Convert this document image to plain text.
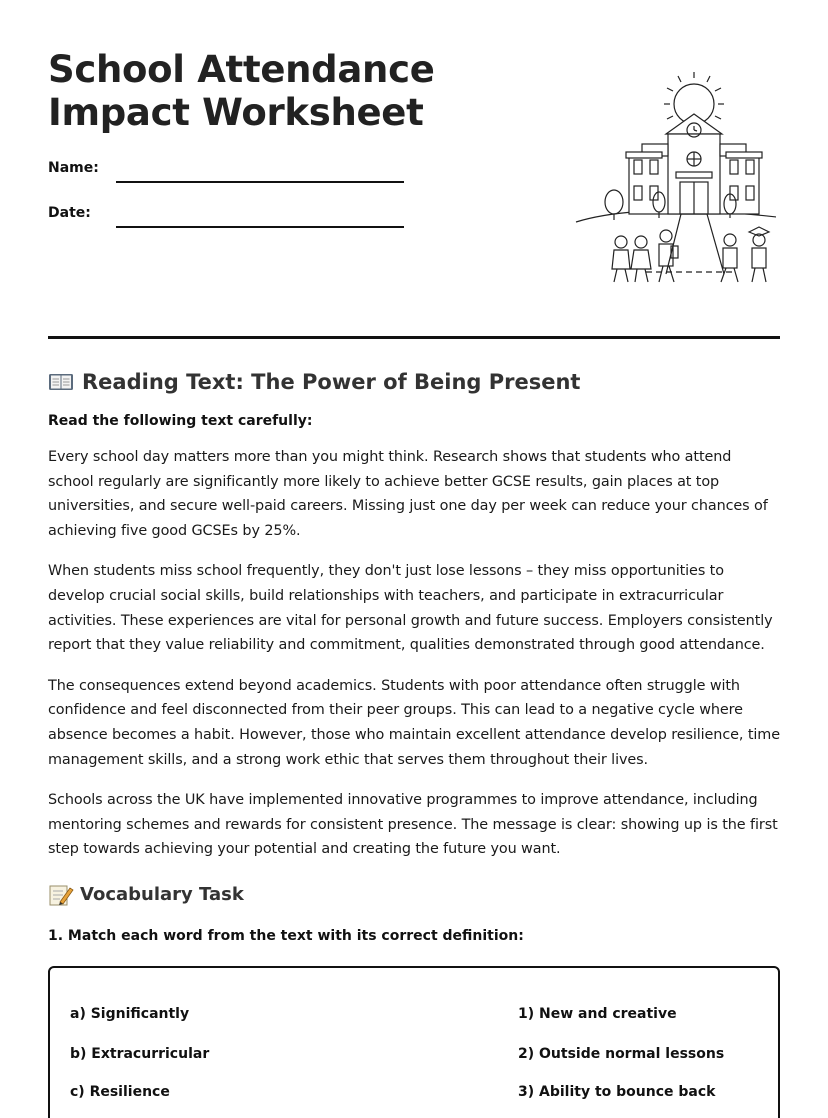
School Attendance
Impact Worksheet
Name:
Date:
Reading Text: The Power of Being Present
Read the following text carefully:

Every school day matters more than you might think. Research shows that students who attend school regularly are significantly more likely to achieve better GCSE results, gain places at top universities, and secure well-paid careers. Missing just one day per week can reduce your chances of achieving five good GCSEs by 25%.

When students miss school frequently, they don't just lose lessons – they miss opportunities to develop crucial social skills, build relationships with teachers, and participate in extracurricular activities. These experiences are vital for personal growth and future success. Employers consistently report that they value reliability and commitment, qualities demonstrated through good attendance.

The consequences extend beyond academics. Students with poor attendance often struggle with confidence and feel disconnected from their peer groups. This can lead to a negative cycle where absence becomes a habit. However, those who maintain excellent attendance develop resilience, time management skills, and a strong work ethic that serves them throughout their lives.

Schools across the UK have implemented innovative programmes to improve attendance, including mentoring schemes and rewards for consistent presence. The message is clear: showing up is the first step towards achieving your potential and creating the future you want.

Vocabulary Task
1. Match each word from the text with its correct definition:
a) Significantly	1) New and creative
b) Extracurricular	2) Outside normal lessons
c) Resilience	3) Ability to bounce back
